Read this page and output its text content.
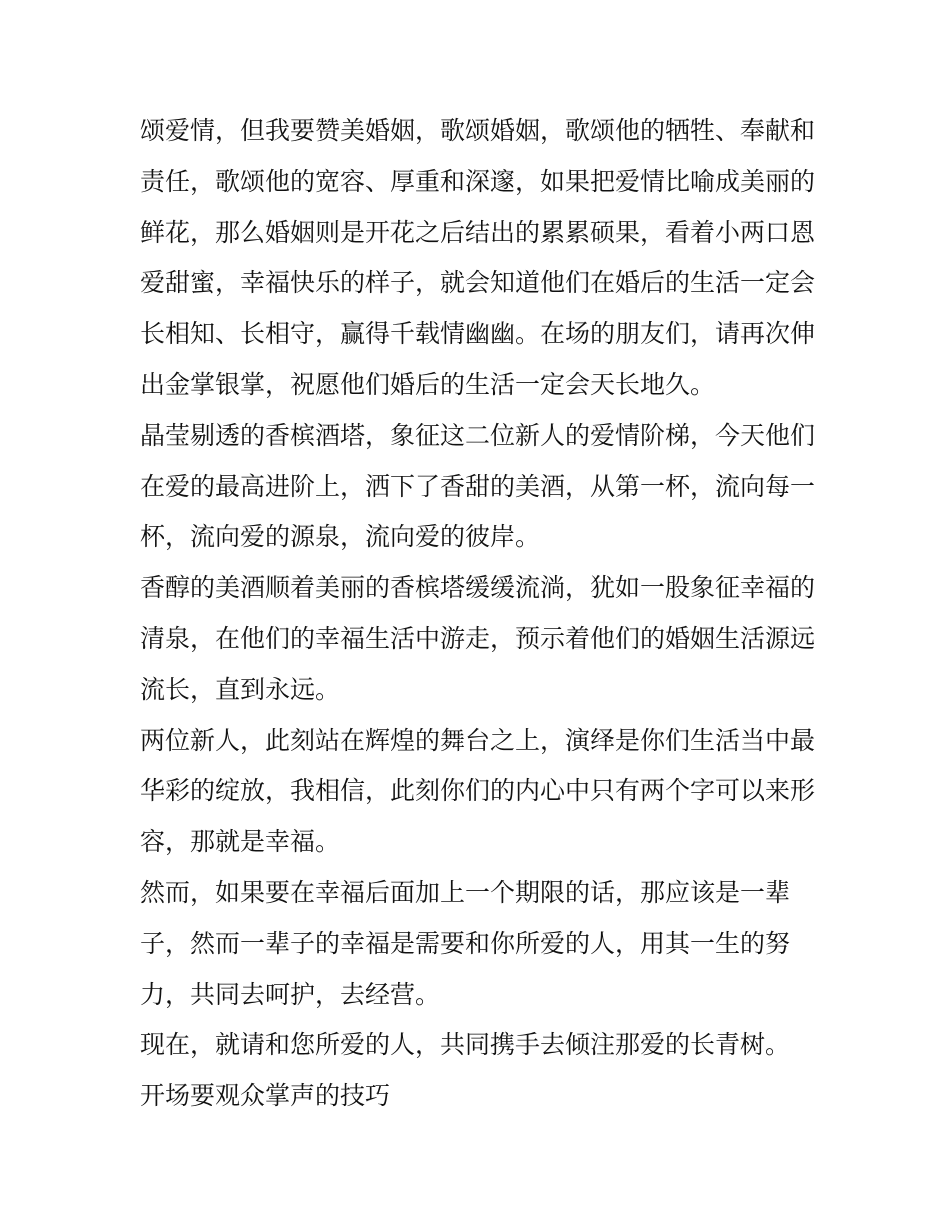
颂爱情，但我要赞美婚姻，歌颂婚姻，歌颂他的牺牲、奉献和
责任，歌颂他的宽容、厚重和深邃，如果把爱情比喻成美丽的
鲜花，那么婚姻则是开花之后结出的累累硕果，看着小两口恩
爱甜蜜，幸福快乐的样子，就会知道他们在婚后的生活一定会
长相知、长相守，赢得千载情幽幽。在场的朋友们，请再次伸
出金掌银掌，祝愿他们婚后的生活一定会天长地久。
晶莹剔透的香槟酒塔，象征这二位新人的爱情阶梯，今天他们
在爱的最高进阶上，洒下了香甜的美酒，从第一杯，流向每一
杯，流向爱的源泉，流向爱的彼岸。
香醇的美酒顺着美丽的香槟塔缓缓流淌，犹如一股象征幸福的
清泉，在他们的幸福生活中游走，预示着他们的婚姻生活源远
流长，直到永远。
两位新人，此刻站在辉煌的舞台之上，演绎是你们生活当中最
华彩的绽放，我相信，此刻你们的内心中只有两个字可以来形
容，那就是幸福。
然而，如果要在幸福后面加上一个期限的话，那应该是一辈
子，然而一辈子的幸福是需要和你所爱的人，用其一生的努
力，共同去呵护，去经营。
现在，就请和您所爱的人，共同携手去倾注那爱的长青树。
开场要观众掌声的技巧
